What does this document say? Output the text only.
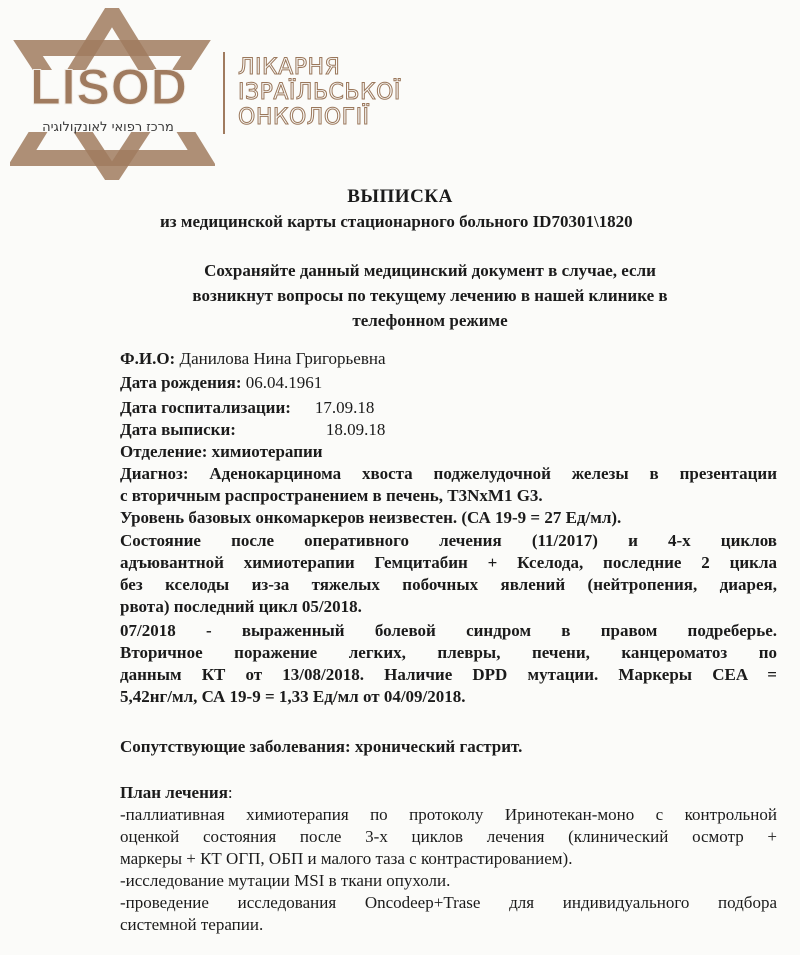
LISOD
מרכז רפואי לאונקולוגיה
ЛІКАРНЯ
ІЗРАЇЛЬСЬКОЇ
ОНКОЛОГІЇ
ВЫПИСКА
из медицинской карты стационарного больного ID70301\1820
Сохраняйте данный медицинский документ в случае, если
возникнут вопросы по текущему лечению в нашей клинике в
телефонном режиме
Ф.И.О: Данилова Нина Григорьевна
Дата рождения: 06.04.1961
Дата госпитализации: 17.09.18
Дата выписки:	18.09.18
Отделение: химиотерапии
Диагноз: Аденокарцинома хвоста поджелудочной железы в презентации
с вторичным распространением в печень, T3NxM1 G3.
Уровень базовых онкомаркеров неизвестен. (СА 19-9 = 27 Ед/мл).
Состояние после оперативного лечения (11/2017) и 4-х циклов
адъювантной химиотерапии Гемцитабин + Кселода, последние 2 цикла
без кселоды из-за тяжелых побочных явлений (нейтропения, диарея,
рвота) последний цикл 05/2018.
07/2018 - выраженный болевой синдром в правом подреберье.
Вторичное поражение легких, плевры, печени, канцероматоз по
данным КТ от 13/08/2018. Наличие DPD мутации. Маркеры CEA =
5,42нг/мл, СА 19-9 = 1,33 Ед/мл от 04/09/2018.
Сопутствующие заболевания: хронический гастрит.
План лечения:
-паллиативная химиотерапия по протоколу Иринотекан-моно с контрольной
оценкой состояния после 3-х циклов лечения (клинический осмотр +
маркеры + КТ ОГП, ОБП и малого таза с контрастированием).
-исследование мутации MSI в ткани опухоли.
-проведение исследования Oncodeep+Trase для индивидуального подбора
системной терапии.
